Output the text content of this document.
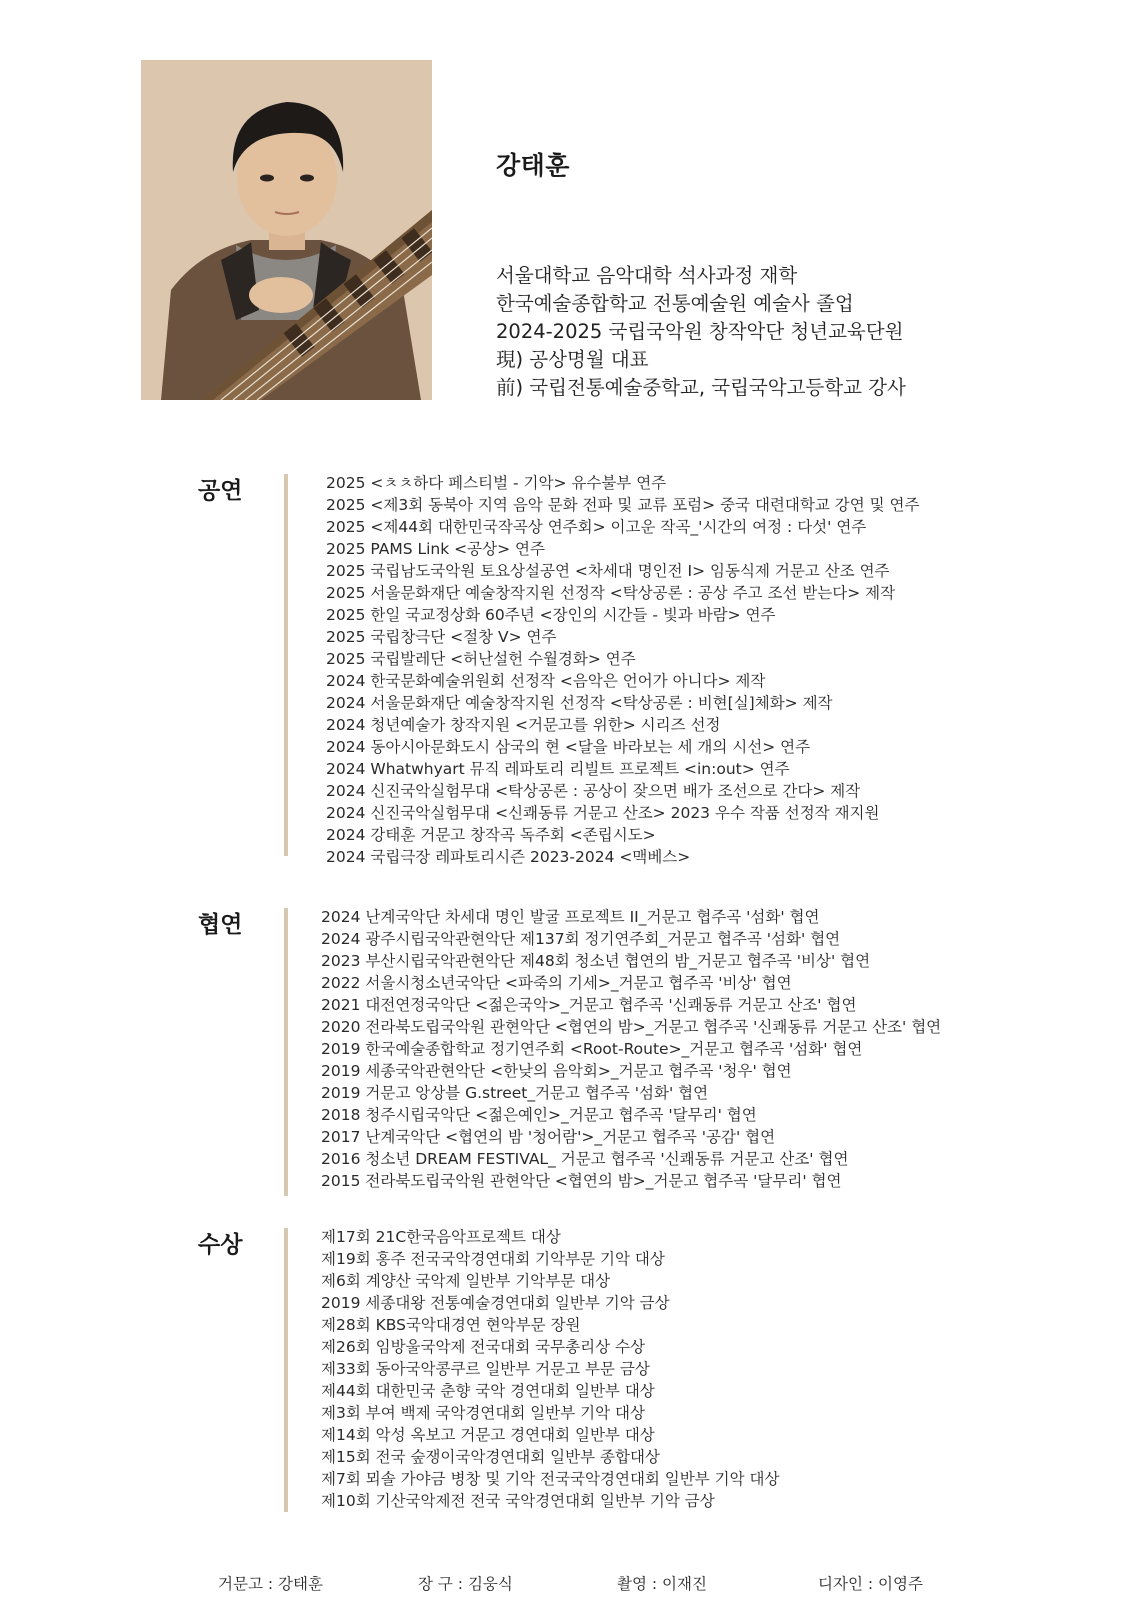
강태훈
서울대학교 음악대학 석사과정 재학
한국예술종합학교 전통예술원 예술사 졸업
2024-2025 국립국악원 창작악단 청년교육단원
現) 공상명월 대표
前) 국립전통예술중학교, 국립국악고등학교 강사
공연	2025 <ㅊㅊ하다 페스티벌 - 기악> 유수불부 연주
2025 <제3회 동북아 지역 음악 문화 전파 및 교류 포럼> 중국 대련대학교 강연 및 연주
2025 <제44회 대한민국작곡상 연주회> 이고운 작곡_'시간의 여정 : 다섯' 연주
2025 PAMS Link <공상> 연주
2025 국립남도국악원 토요상설공연 <차세대 명인전 I> 임동식제 거문고 산조 연주
2025 서울문화재단 예술창작지원 선정작 <탁상공론 : 공상 주고 조선 받는다> 제작
2025 한일 국교정상화 60주년 <장인의 시간들 - 빛과 바람> 연주
2025 국립창극단 <절창 V> 연주
2025 국립발레단 <허난설헌 수월경화> 연주
2024 한국문화예술위원회 선정작 <음악은 언어가 아니다> 제작
2024 서울문화재단 예술창작지원 선정작 <탁상공론 : 비현[실]체화> 제작
2024 청년예술가 창작지원 <거문고를 위한> 시리즈 선정
2024 동아시아문화도시 삼국의 현 <달을 바라보는 세 개의 시선> 연주
2024 Whatwhyart 뮤직 레파토리 리빌트 프로젝트 <in:out> 연주
2024 신진국악실험무대 <탁상공론 : 공상이 잦으면 배가 조선으로 간다> 제작
2024 신진국악실험무대 <신쾌동류 거문고 산조> 2023 우수 작품 선정작 재지원
2024 강태훈 거문고 창작곡 독주회 <존립시도>
2024 국립극장 레파토리시즌 2023-2024 <맥베스>
협연	2024 난계국악단 차세대 명인 발굴 프로젝트 II_거문고 협주곡 '섬화' 협연
2024 광주시립국악관현악단 제137회 정기연주회_거문고 협주곡 '섬화' 협연
2023 부산시립국악관현악단 제48회 청소년 협연의 밤_거문고 협주곡 '비상' 협연
2022 서울시청소년국악단 <파죽의 기세>_거문고 협주곡 '비상' 협연
2021 대전연정국악단 <젊은국악>_거문고 협주곡 '신쾌동류 거문고 산조' 협연
2020 전라북도립국악원 관현악단 <협연의 밤>_거문고 협주곡 '신쾌동류 거문고 산조' 협연
2019 한국예술종합학교 정기연주회 <Root-Route>_거문고 협주곡 '섬화' 협연
2019 세종국악관현악단 <한낮의 음악회>_거문고 협주곡 '청우' 협연
2019 거문고 앙상블 G.street_거문고 협주곡 '섬화' 협연
2018 청주시립국악단 <젊은예인>_거문고 협주곡 '달무리' 협연
2017 난계국악단 <협연의 밤 '청어람'>_거문고 협주곡 '공감' 협연
2016 청소년 DREAM FESTIVAL_ 거문고 협주곡 '신쾌동류 거문고 산조' 협연
2015 전라북도립국악원 관현악단 <협연의 밤>_거문고 협주곡 '달무리' 협연
수상	제17회 21C한국음악프로젝트 대상
제19회 홍주 전국국악경연대회 기악부문 기악 대상
제6회 계양산 국악제 일반부 기악부문 대상
2019 세종대왕 전통예술경연대회 일반부 기악 금상
제28회 KBS국악대경연 현악부문 장원
제26회 임방울국악제 전국대회 국무총리상 수상
제33회 동아국악콩쿠르 일반부 거문고 부문 금상
제44회 대한민국 춘향 국악 경연대회 일반부 대상
제3회 부여 백제 국악경연대회 일반부 기악 대상
제14회 악성 옥보고 거문고 경연대회 일반부 대상
제15회 전국 숲쟁이국악경연대회 일반부 종합대상
제7회 뫼솔 가야금 병창 및 기악 전국국악경연대회 일반부 기악 대상
제10회 기산국악제전 전국 국악경연대회 일반부 기악 금상
거문고 : 강태훈	장 구 : 김웅식	촬영 : 이재진	디자인 : 이영주
